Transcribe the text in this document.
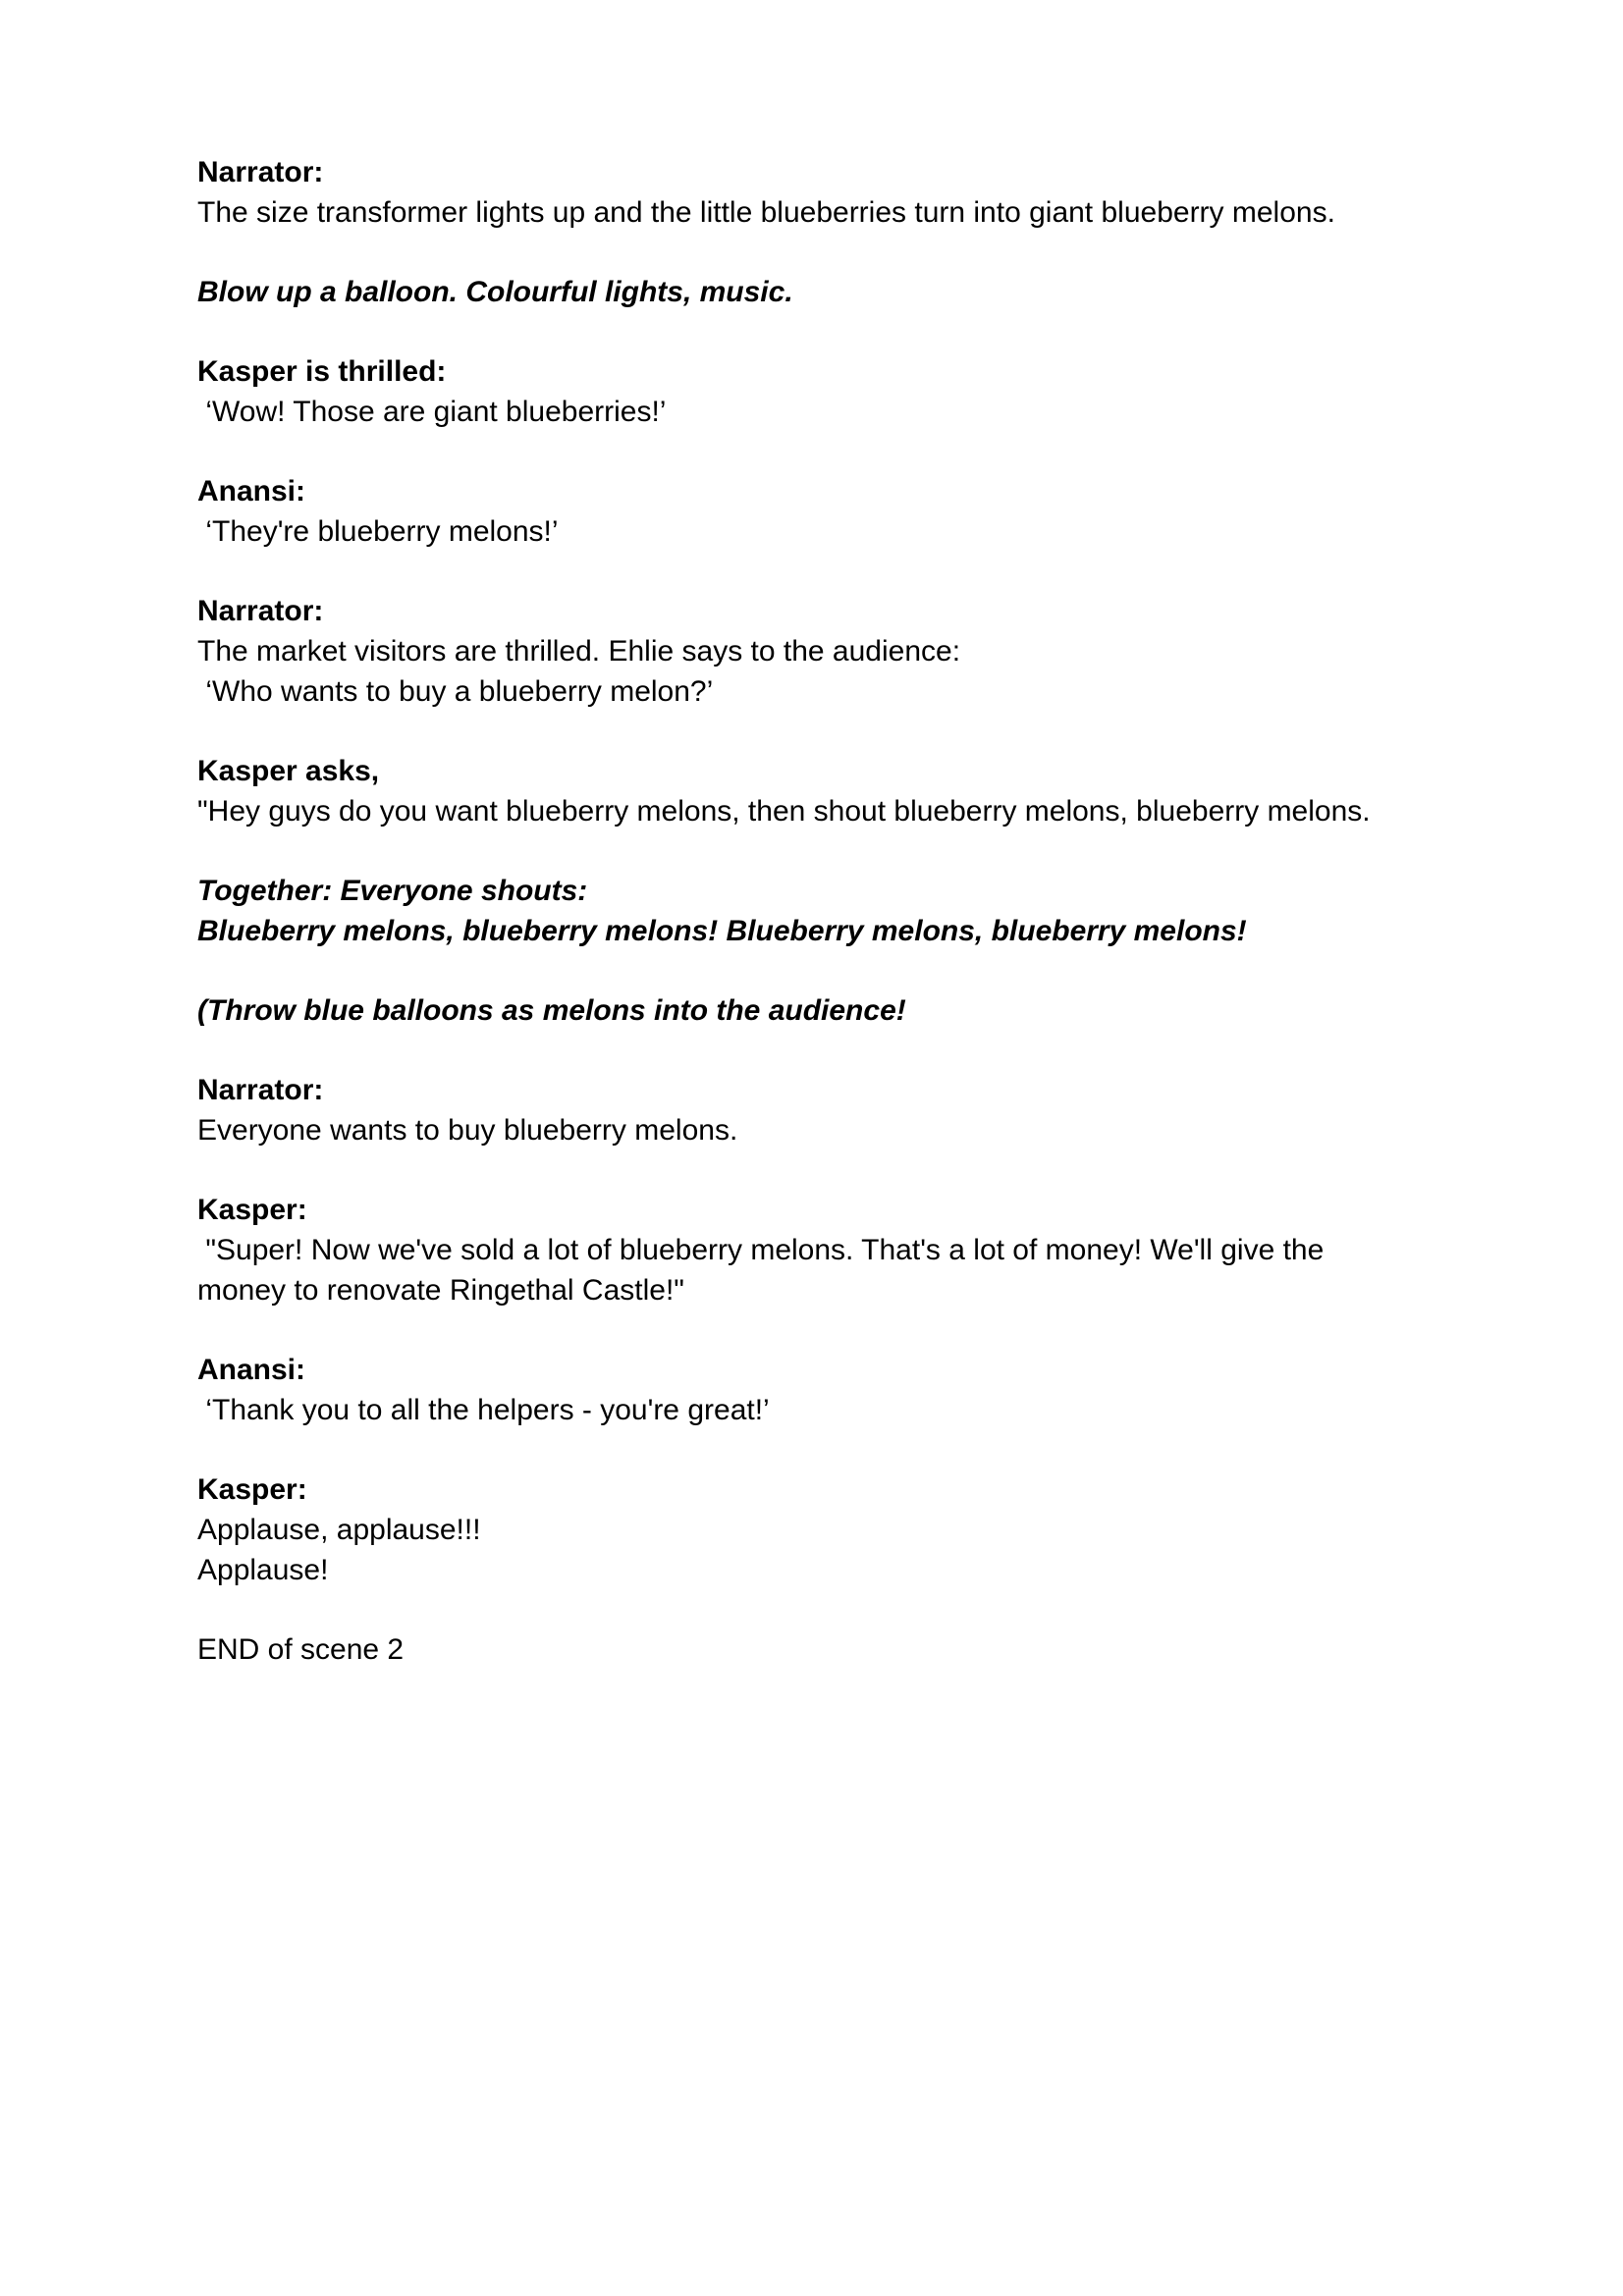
Narrator:

The size transformer lights up and the little blueberries turn into giant blueberry melons.

Blow up a balloon. Colourful lights, music.

Kasper is thrilled:

‘Wow! Those are giant blueberries!’

Anansi:

‘They're blueberry melons!’

Narrator:

The market visitors are thrilled. Ehlie says to the audience:

‘Who wants to buy a blueberry melon?’

Kasper asks,

"Hey guys do you want blueberry melons, then shout blueberry melons, blueberry melons.

Together: Everyone shouts:

Blueberry melons, blueberry melons! Blueberry melons, blueberry melons!

(Throw blue balloons as melons into the audience!

Narrator:

Everyone wants to buy blueberry melons.

Kasper:

"Super! Now we've sold a lot of blueberry melons. That's a lot of money! We'll give the

money to renovate Ringethal Castle!"

Anansi:

‘Thank you to all the helpers - you're great!’

Kasper:

Applause, applause!!!

Applause!

END of scene 2
